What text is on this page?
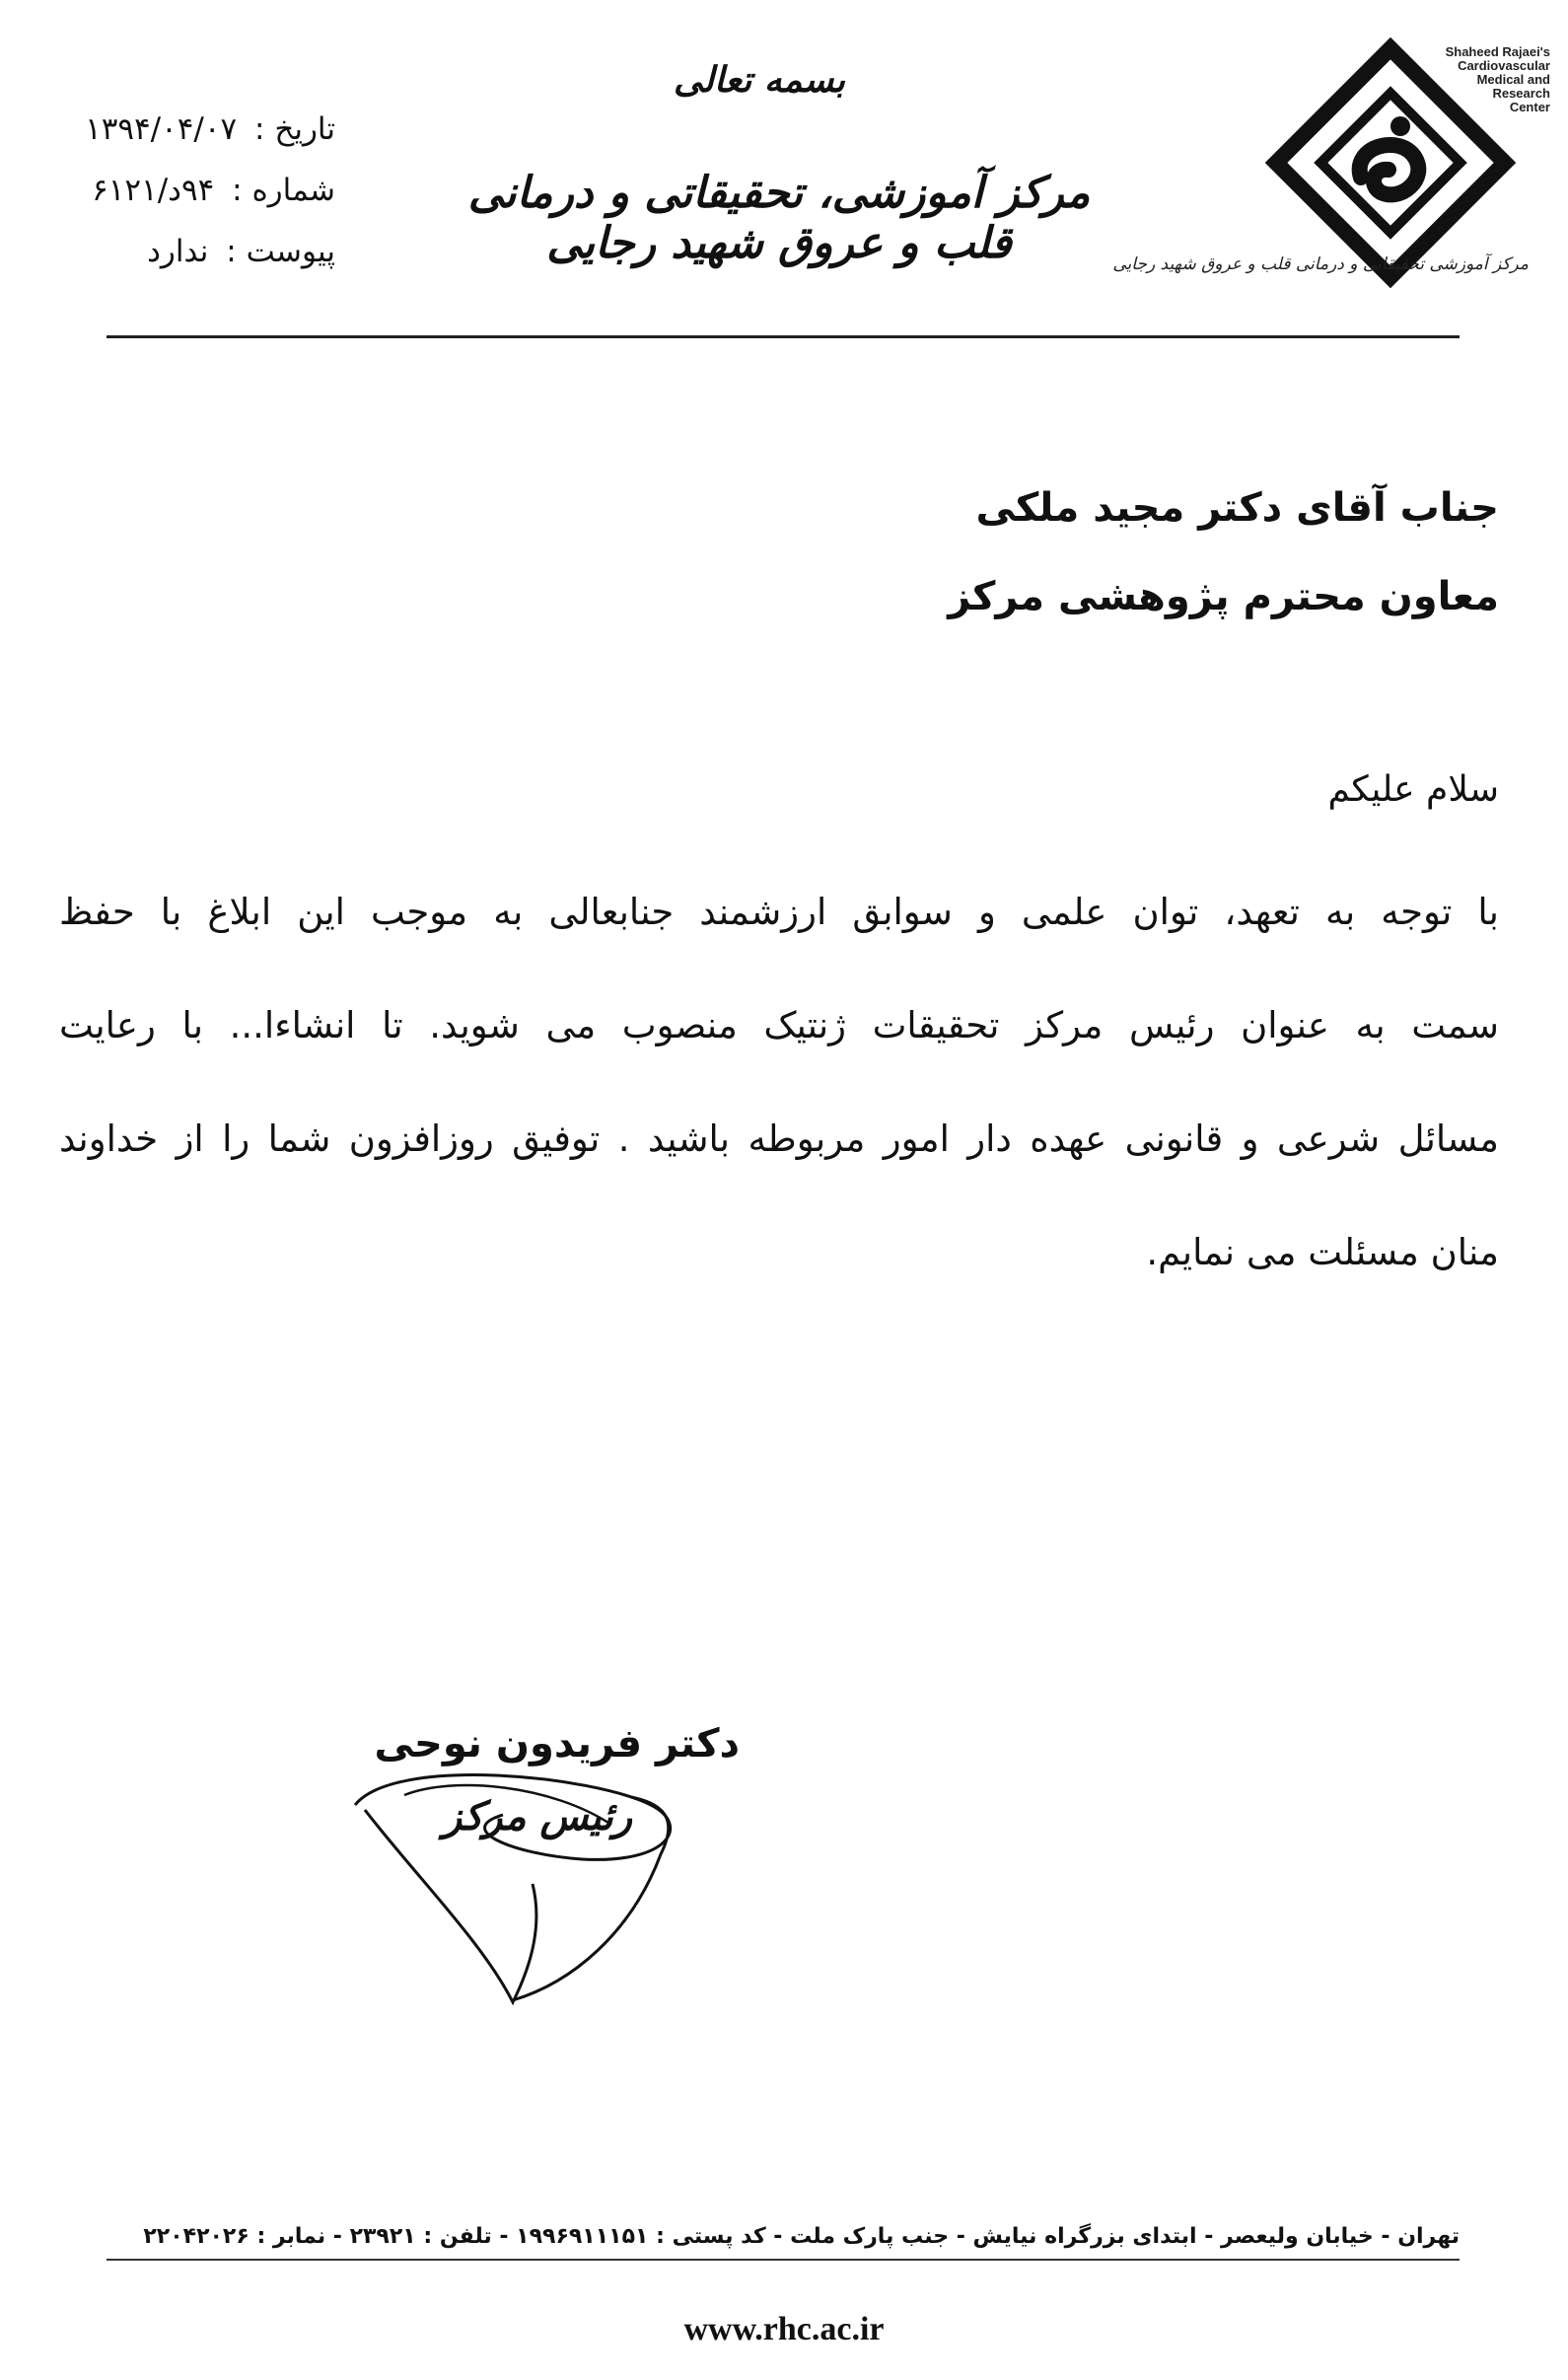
بسمه تعالی
مرکز آموزشی، تحقیقاتی و درمانی قلب و عروق شهید رجایی
تاریخ : ۱۳۹۴/۰۴/۰۷
شماره : ۹۴د/۶۱۲۱
پیوست : ندارد
Shaheed Rajaei's
Cardiovascular
Medical and
Research
Center
مرکز آموزشی تحقیقاتی و درمانی قلب و عروق شهید رجایی
جناب آقای دکتر مجید ملکی
معاون محترم پژوهشی مرکز
سلام علیکم
با توجه به تعهد، توان علمی و سوابق ارزشمند جنابعالی به موجب این ابلاغ با حفظ
سمت به عنوان رئیس مرکز تحقیقات ژنتیک منصوب می شوید. تا انشاءا... با رعایت
مسائل شرعی و قانونی عهده دار امور مربوطه باشید . توفیق روزافزون شما را از خداوند
منان مسئلت می نمایم.
دکتر فریدون نوحی
رئیس مرکز
تهران - خیابان ولیعصر - ابتدای بزرگراه نیایش - جنب پارک ملت - کد پستی : ۱۹۹۶۹۱۱۱۵۱ - تلفن : ۲۳۹۲۱ - نمابر : ۲۲۰۴۲۰۲۶
www.rhc.ac.ir
